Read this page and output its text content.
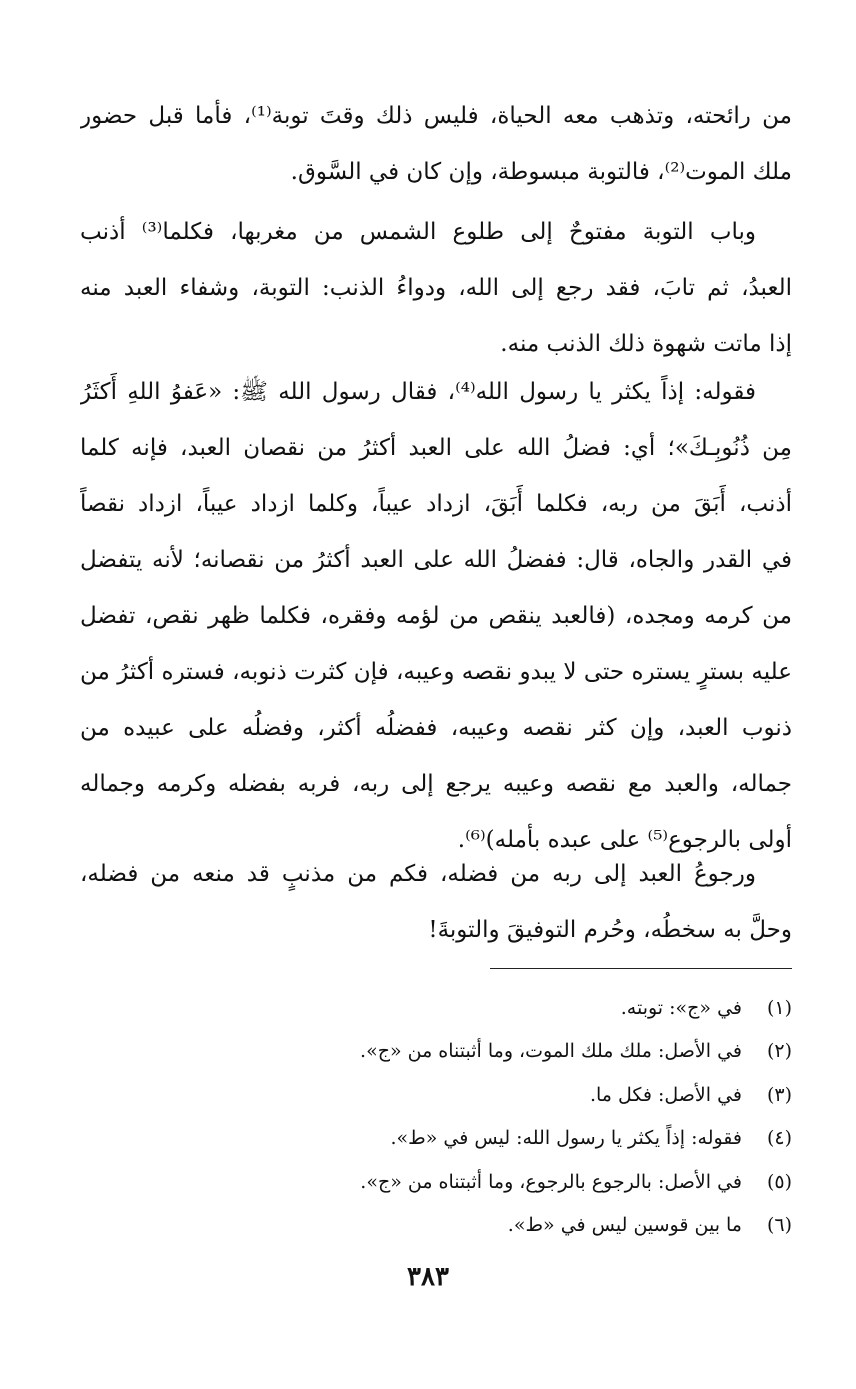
من رائحته، وتذهب معه الحياة، فليس ذلك وقتَ توبة⁽¹⁾، فأما قبل حضور
ملك الموت⁽²⁾، فالتوبة مبسوطة، وإن كان في السَّوق.
وباب التوبة مفتوحٌ إلى طلوع الشمس من مغربها، فكلما⁽³⁾ أذنب
العبدُ، ثم تابَ، فقد رجع إلى الله، ودواءُ الذنب: التوبة، وشفاء العبد منه
إذا ماتت شهوة ذلك الذنب منه.
فقوله: إذاً يكثر يا رسول الله⁽⁴⁾، فقال رسول الله ﷺ: «عَفوُ اللهِ أَكثَرُ
مِن ذُنُوبِـكَ»؛ أي: فضلُ الله على العبد أكثرُ من نقصان العبد، فإنه كلما
أذنب، أَبَقَ من ربه، فكلما أَبَقَ، ازداد عيباً، وكلما ازداد عيباً، ازداد نقصاً
في القدر والجاه، قال: ففضلُ الله على العبد أكثرُ من نقصانه؛ لأنه يتفضل
من كرمه ومجده، (فالعبد ينقص من لؤمه وفقره، فكلما ظهر نقص، تفضل
عليه بسترٍ يستره حتى لا يبدو نقصه وعيبه، فإن كثرت ذنوبه، فستره أكثرُ من
ذنوب العبد، وإن كثر نقصه وعيبه، ففضلُه أكثر، وفضلُه على عبيده من
جماله، والعبد مع نقصه وعيبه يرجع إلى ربه، فربه بفضله وكرمه وجماله
أولى بالرجوع⁽⁵⁾ على عبده بأمله)⁽⁶⁾.
ورجوعُ العبد إلى ربه من فضله، فكم من مذنبٍ قد منعه من فضله،
وحلَّ به سخطُه، وحُرم التوفيقَ والتوبةَ!
(١)
في «ج»: توبته.
(٢)
في الأصل: ملك ملك الموت، وما أثبتناه من «ج».
(٣)
في الأصل: فكل ما.
(٤)
فقوله: إذاً يكثر يا رسول الله: ليس في «ط».
(٥)
في الأصل: بالرجوع بالرجوع، وما أثبتناه من «ج».
(٦)
ما بين قوسين ليس في «ط».
٣٨٣
